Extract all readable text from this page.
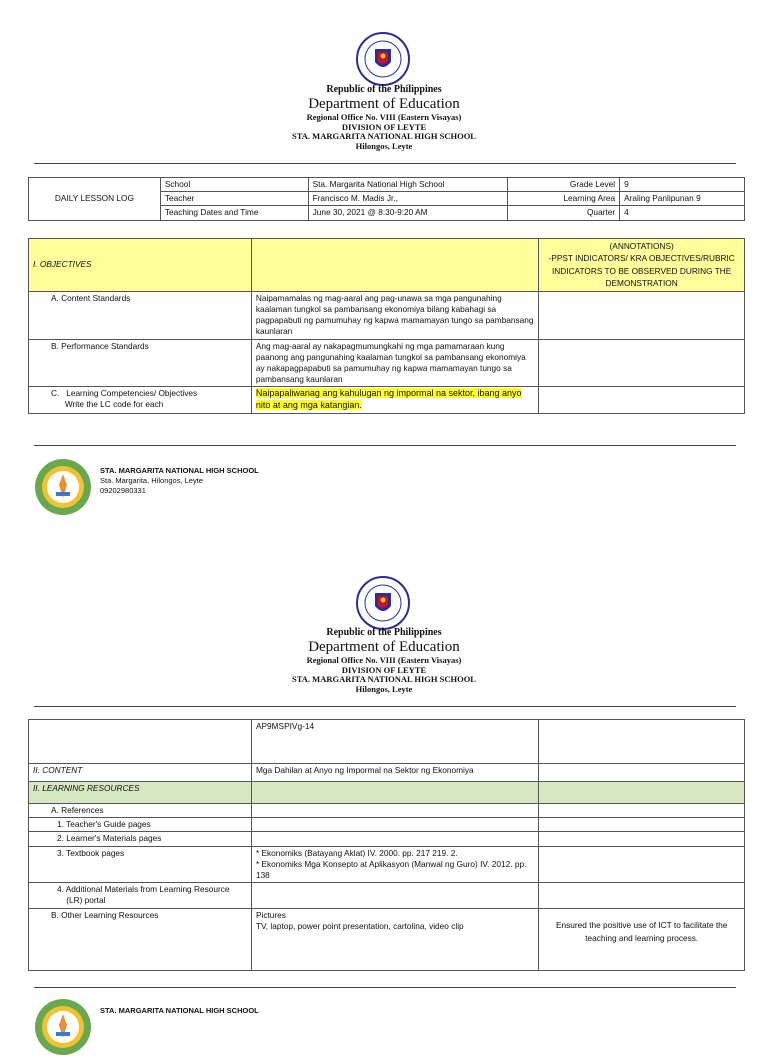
Republic of the Philippines
Department of Education
Regional Office No. VIII (Eastern Visayas)
DIVISION OF LEYTE
STA. MARGARITA NATIONAL HIGH SCHOOL
Hilongos, Leyte
DAILY LESSON LOG	School	Sta. Margarita National High School	Grade Level	9
	Teacher	Francisco M. Madis Jr.,	Learning Area	Araling Panlipunan 9
	Teaching Dates and Time	June 30, 2021 @ 8:30-9:20 AM	Quarter	4
I. OBJECTIVES		(ANNOTATIONS)
-PPST INDICATORS/ KRA OBJECTIVES/RUBRIC INDICATORS TO BE OBSERVED DURING THE DEMONSTRATION
A. Content Standards	Naipamamalas ng mag-aaral ang pag-unawa sa mga pangunahing kaalaman tungkol sa pambansang ekonomiya bilang kabahagi sa pagpapabuti ng pamumuhay ng kapwa mamamayan tungo sa pambansang kaunlaran	
B. Performance Standards	Ang mag-aaral ay nakapagmumungkahi ng mga pamamaraan kung paanong ang pangunahing kaalaman tungkol sa pambansang ekonomiya ay nakapagpapabuti sa pamumuhay ng kapwa mamamayan tungo sa pambansang kaunlaran	
C.   Learning Competencies/ Objectives
Write the LC code for each	Naipapaliwanag ang kahulugan ng impormal na sektor, ibang anyo nito at ang mga katangian.	
STA. MARGARITA NATIONAL HIGH SCHOOL
Sta. Margarita, Hilongos, Leyte
09202980331
Republic of the Philippines
Department of Education
Regional Office No. VIII (Eastern Visayas)
DIVISION OF LEYTE
STA. MARGARITA NATIONAL HIGH SCHOOL
Hilongos, Leyte
	AP9MSPIVg-14	
II. CONTENT	Mga Dahilan at Anyo ng Impormal na Sektor ng Ekonomiya	
II. LEARNING RESOURCES		
A. References		
1. Teacher's Guide pages		
2. Learner's Materials pages		
3. Textbook pages	* Ekonomiks (Batayang Aklat) IV. 2000. pp. 217 219. 2.
* Ekonomiks Mga Konsepto at Aplikasyon (Manwal ng Guro) IV. 2012. pp. 138	
4. Additional Materials from Learning Resource
(LR) portal		
B. Other Learning Resources	Pictures
TV, laptop, power point presentation, cartolina, video clip	Ensured the positive use of ICT to facilitate the teaching and learning process.
STA. MARGARITA NATIONAL HIGH SCHOOL
